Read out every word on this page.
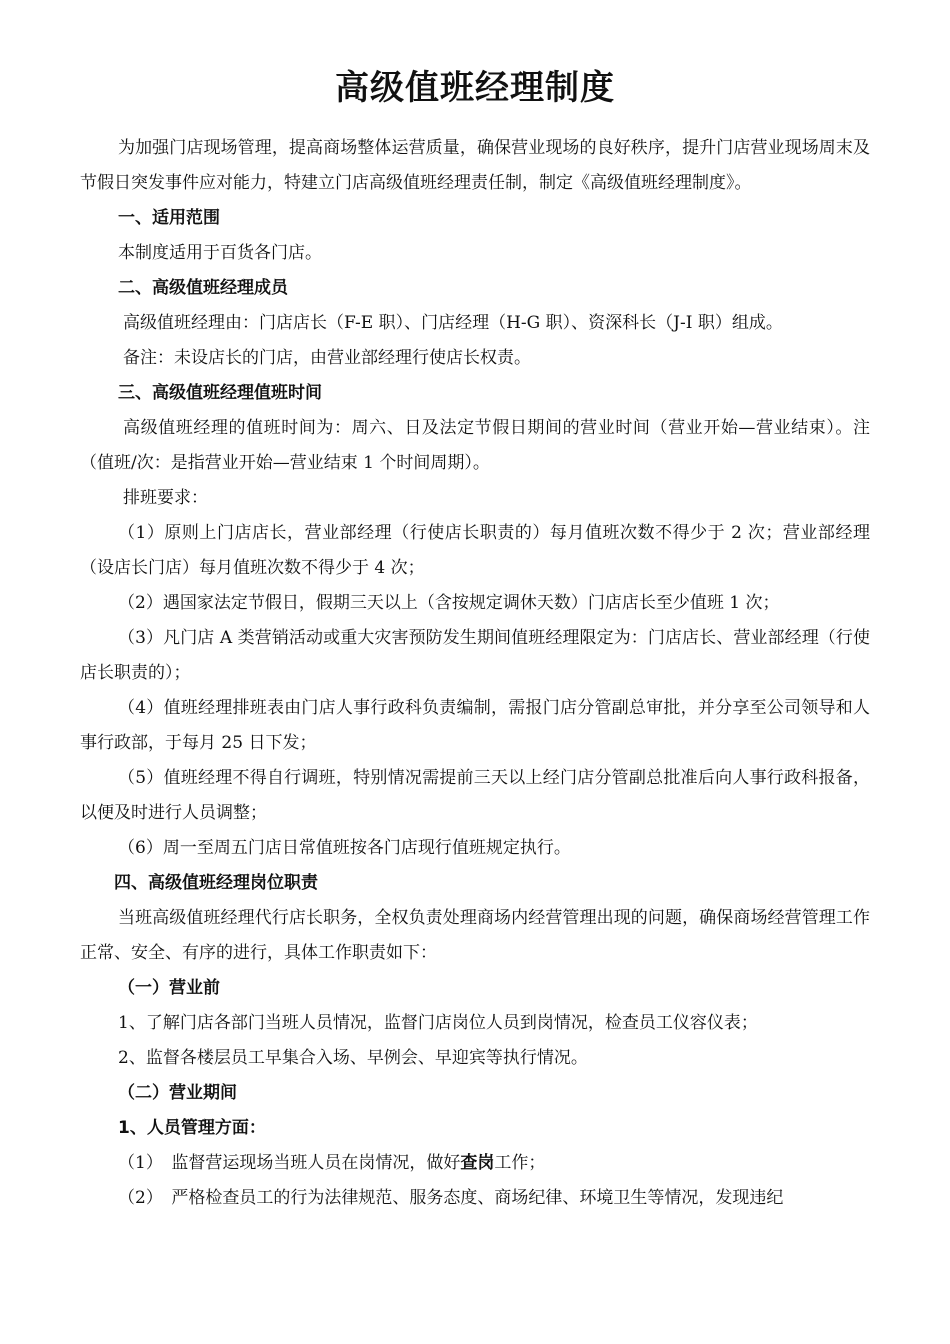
高级值班经理制度

为加强门店现场管理，提高商场整体运营质量，确保营业现场的良好秩序，提升门店营业现场周末及节假日突发事件应对能力，特建立门店高级值班经理责任制，制定《高级值班经理制度》。

一、适用范围

本制度适用于百货各门店。

二、高级值班经理成员

高级值班经理由：门店店长（F-E 职）、门店经理（H-G 职）、资深科长（J-I 职）组成。

备注：未设店长的门店，由营业部经理行使店长权责。

三、高级值班经理值班时间

高级值班经理的值班时间为：周六、日及法定节假日期间的营业时间（营业开始—营业结束）。注（值班/次：是指营业开始—营业结束 1 个时间周期）。

排班要求：

（1）原则上门店店长，营业部经理（行使店长职责的）每月值班次数不得少于 2 次；营业部经理（设店长门店）每月值班次数不得少于 4 次；

（2）遇国家法定节假日，假期三天以上（含按规定调休天数）门店店长至少值班 1 次；

（3）凡门店 A 类营销活动或重大灾害预防发生期间值班经理限定为：门店店长、营业部经理（行使店长职责的）；

（4）值班经理排班表由门店人事行政科负责编制，需报门店分管副总审批，并分享至公司领导和人事行政部，于每月 25 日下发；

（5）值班经理不得自行调班，特别情况需提前三天以上经门店分管副总批准后向人事行政科报备，以便及时进行人员调整；

（6）周一至周五门店日常值班按各门店现行值班规定执行。

四、高级值班经理岗位职责

当班高级值班经理代行店长职务，全权负责处理商场内经营管理出现的问题，确保商场经营管理工作正常、安全、有序的进行，具体工作职责如下：

（一）营业前

1、了解门店各部门当班人员情况，监督门店岗位人员到岗情况，检查员工仪容仪表；

2、监督各楼层员工早集合入场、早例会、早迎宾等执行情况。

（二）营业期间

1、人员管理方面：

（1）　监督营运现场当班人员在岗情况，做好查岗工作；

（2）　严格检查员工的行为法律规范、服务态度、商场纪律、环境卫生等情况，发现违纪
